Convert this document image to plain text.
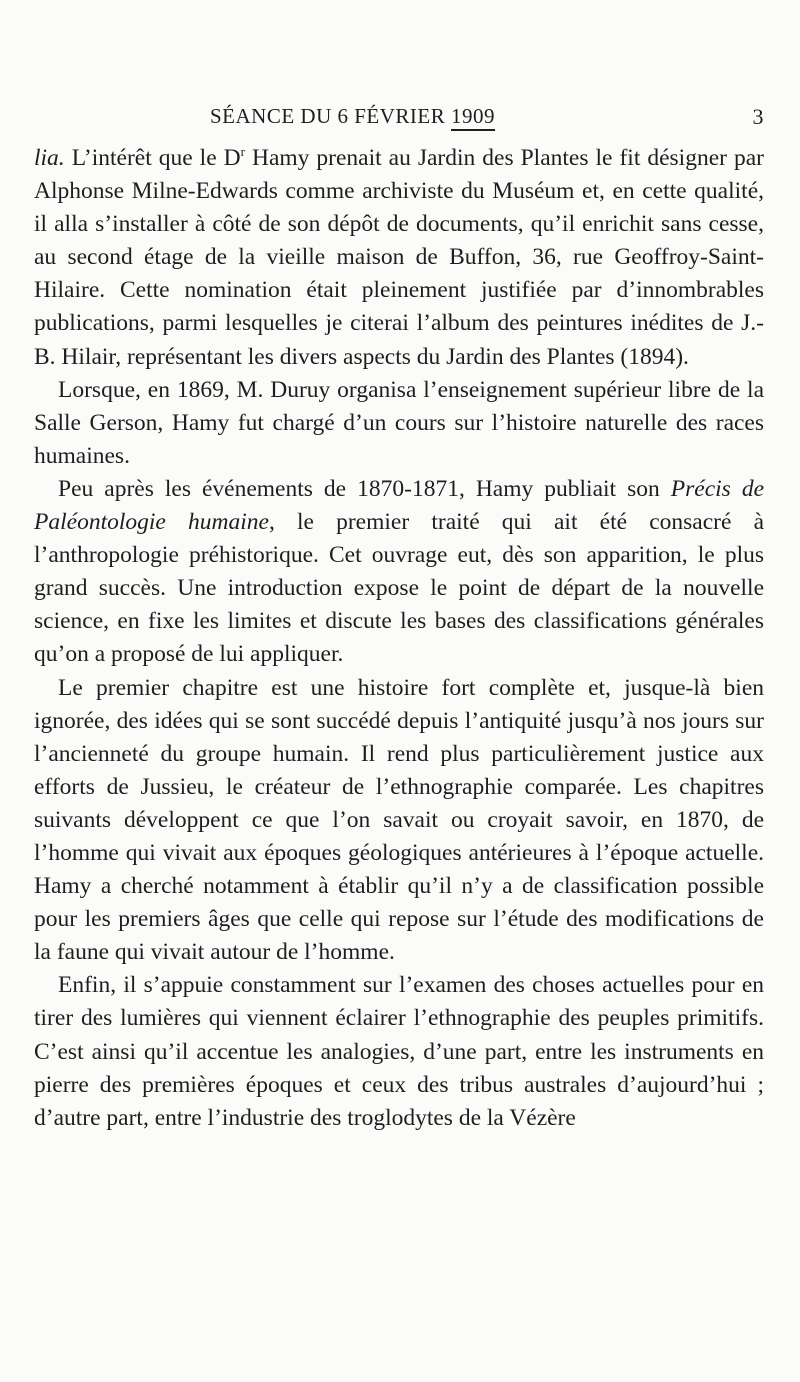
SÉANCE DU 6 FÉVRIER 1909	3

lia. L’intérêt que le $D^r$ Hamy prenait au Jardin des Plantes le fit désigner par Alphonse Milne-Edwards comme archiviste du Muséum et, en cette qualité, il alla s’installer à côté de son dépôt de documents, qu’il enrichit sans cesse, au second étage de la vieille maison de Buffon, 36, rue Geoffroy-Saint-Hilaire. Cette nomination était pleinement justifiée par d’innombrables publications, parmi lesquelles je citerai l’album des peintures inédites de J.-B. Hilair, représentant les divers aspects du Jardin des Plantes (1894).

Lorsque, en 1869, M. Duruy organisa l’enseignement supérieur libre de la Salle Gerson, Hamy fut chargé d’un cours sur l’histoire naturelle des races humaines.

Peu après les événements de 1870-1871, Hamy publiait son Précis de Paléontologie humaine, le premier traité qui ait été consacré à l’anthropologie préhistorique. Cet ouvrage eut, dès son apparition, le plus grand succès. Une introduction expose le point de départ de la nouvelle science, en fixe les limites et discute les bases des classifications générales qu’on a proposé de lui appliquer.

Le premier chapitre est une histoire fort complète et, jusque-là bien ignorée, des idées qui se sont succédé depuis l’antiquité jusqu’à nos jours sur l’ancienneté du groupe humain. Il rend plus particulièrement justice aux efforts de Jussieu, le créateur de l’ethnographie comparée. Les chapitres suivants développent ce que l’on savait ou croyait savoir, en 1870, de l’homme qui vivait aux époques géologiques antérieures à l’époque actuelle. Hamy a cherché notamment à établir qu’il n’y a de classification possible pour les premiers âges que celle qui repose sur l’étude des modifications de la faune qui vivait autour de l’homme.

Enfin, il s’appuie constamment sur l’examen des choses actuelles pour en tirer des lumières qui viennent éclairer l’ethnographie des peuples primitifs. C’est ainsi qu’il accentue les analogies, d’une part, entre les instruments en pierre des premières époques et ceux des tribus australes d’aujourd’hui ; d’autre part, entre l’industrie des troglodytes de la Vézère
